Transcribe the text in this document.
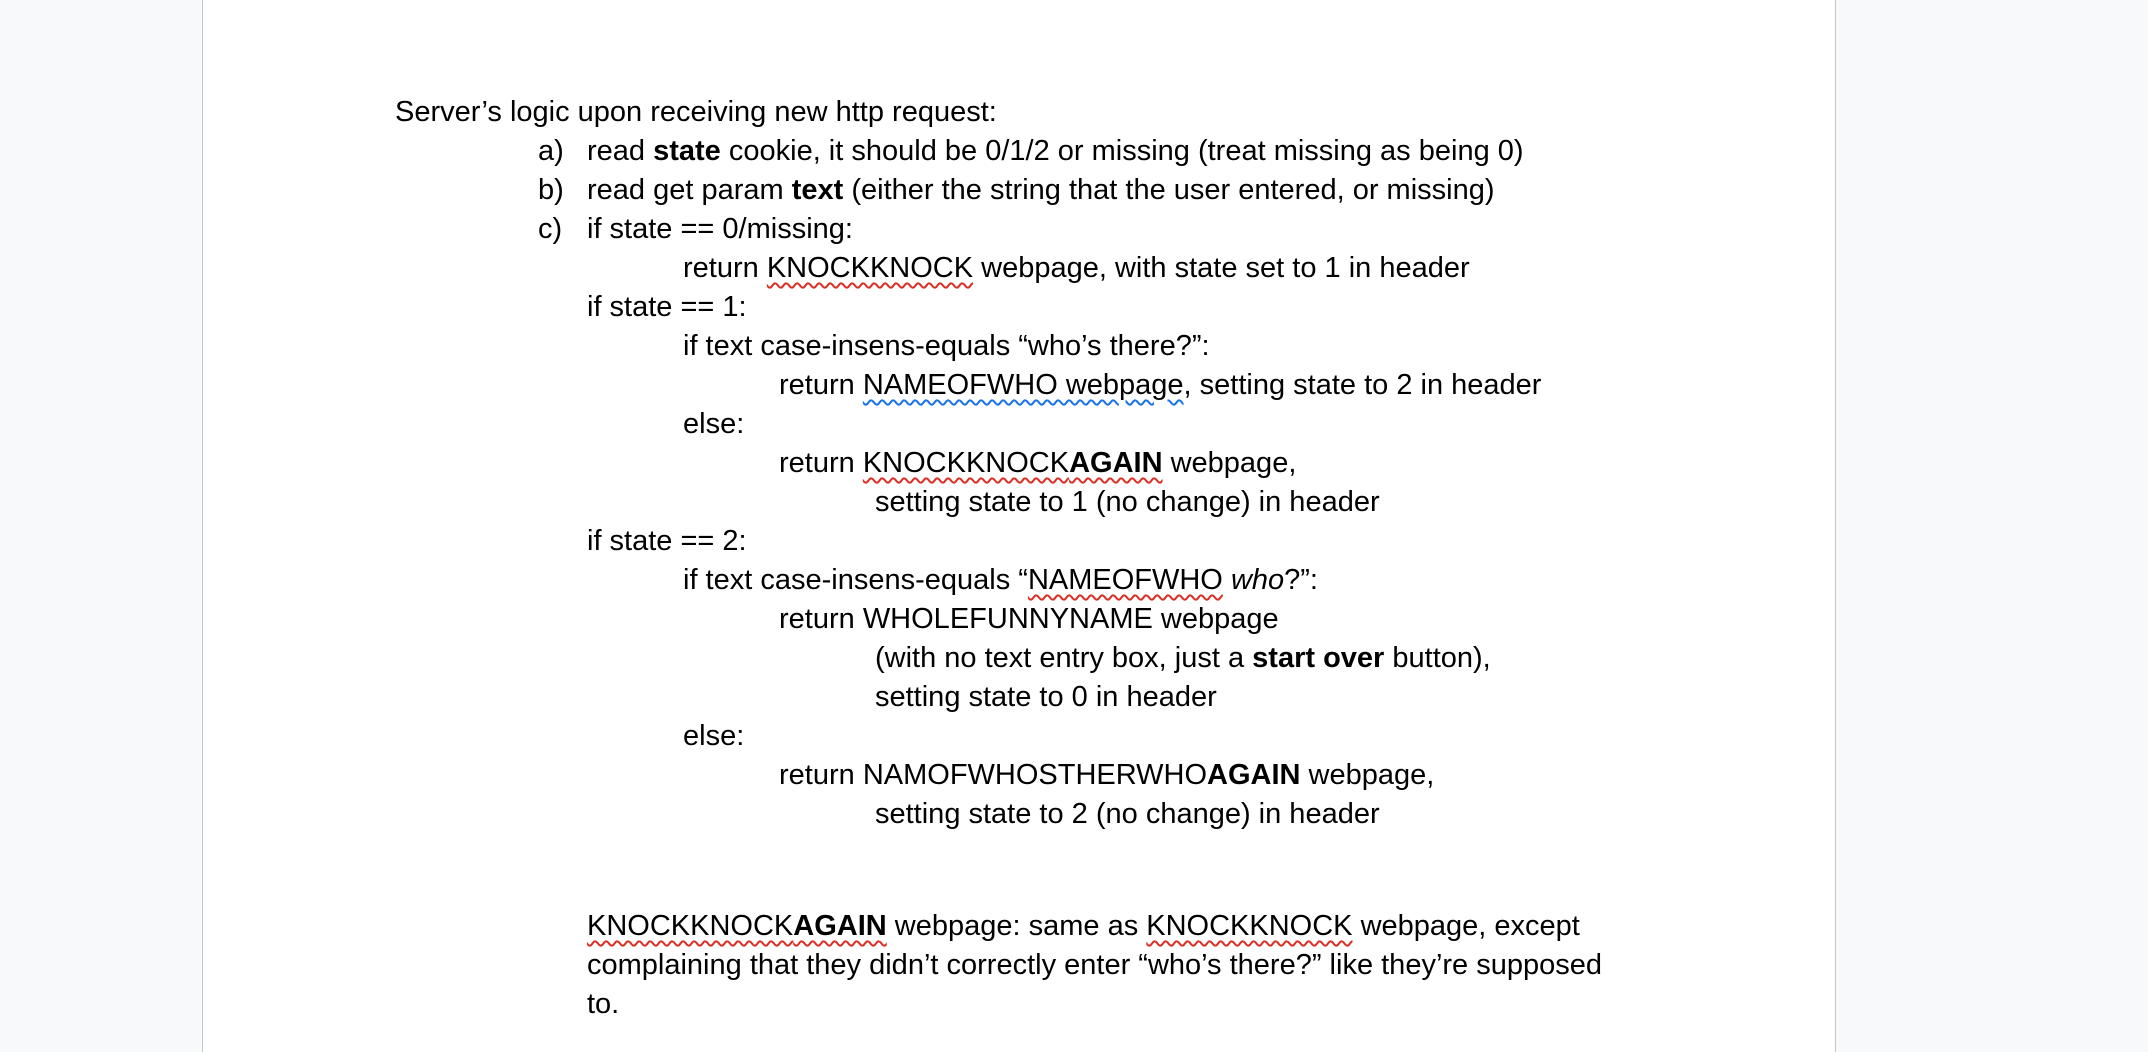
Server’s logic upon receiving new http request:
a) read state cookie, it should be 0/1/2 or missing (treat missing as being 0)
b) read get param text (either the string that the user entered, or missing)
c) if state == 0/missing:
return KNOCKKNOCK webpage, with state set to 1 in header
if state == 1:
if text case-insens-equals “who’s there?”:
return NAMEOFWHO webpage, setting state to 2 in header
else:
return KNOCKKNOCKAGAIN webpage,
setting state to 1 (no change) in header
if state == 2:
if text case-insens-equals “NAMEOFWHO who?”:
return WHOLEFUNNYNAME webpage
(with no text entry box, just a start over button),
setting state to 0 in header
else:
return NAMOFWHOSTHERWHOAGAIN webpage,
setting state to 2 (no change) in header
KNOCKKNOCKAGAIN webpage: same as KNOCKKNOCK webpage, except
complaining that they didn’t correctly enter “who’s there?” like they’re supposed
to.
